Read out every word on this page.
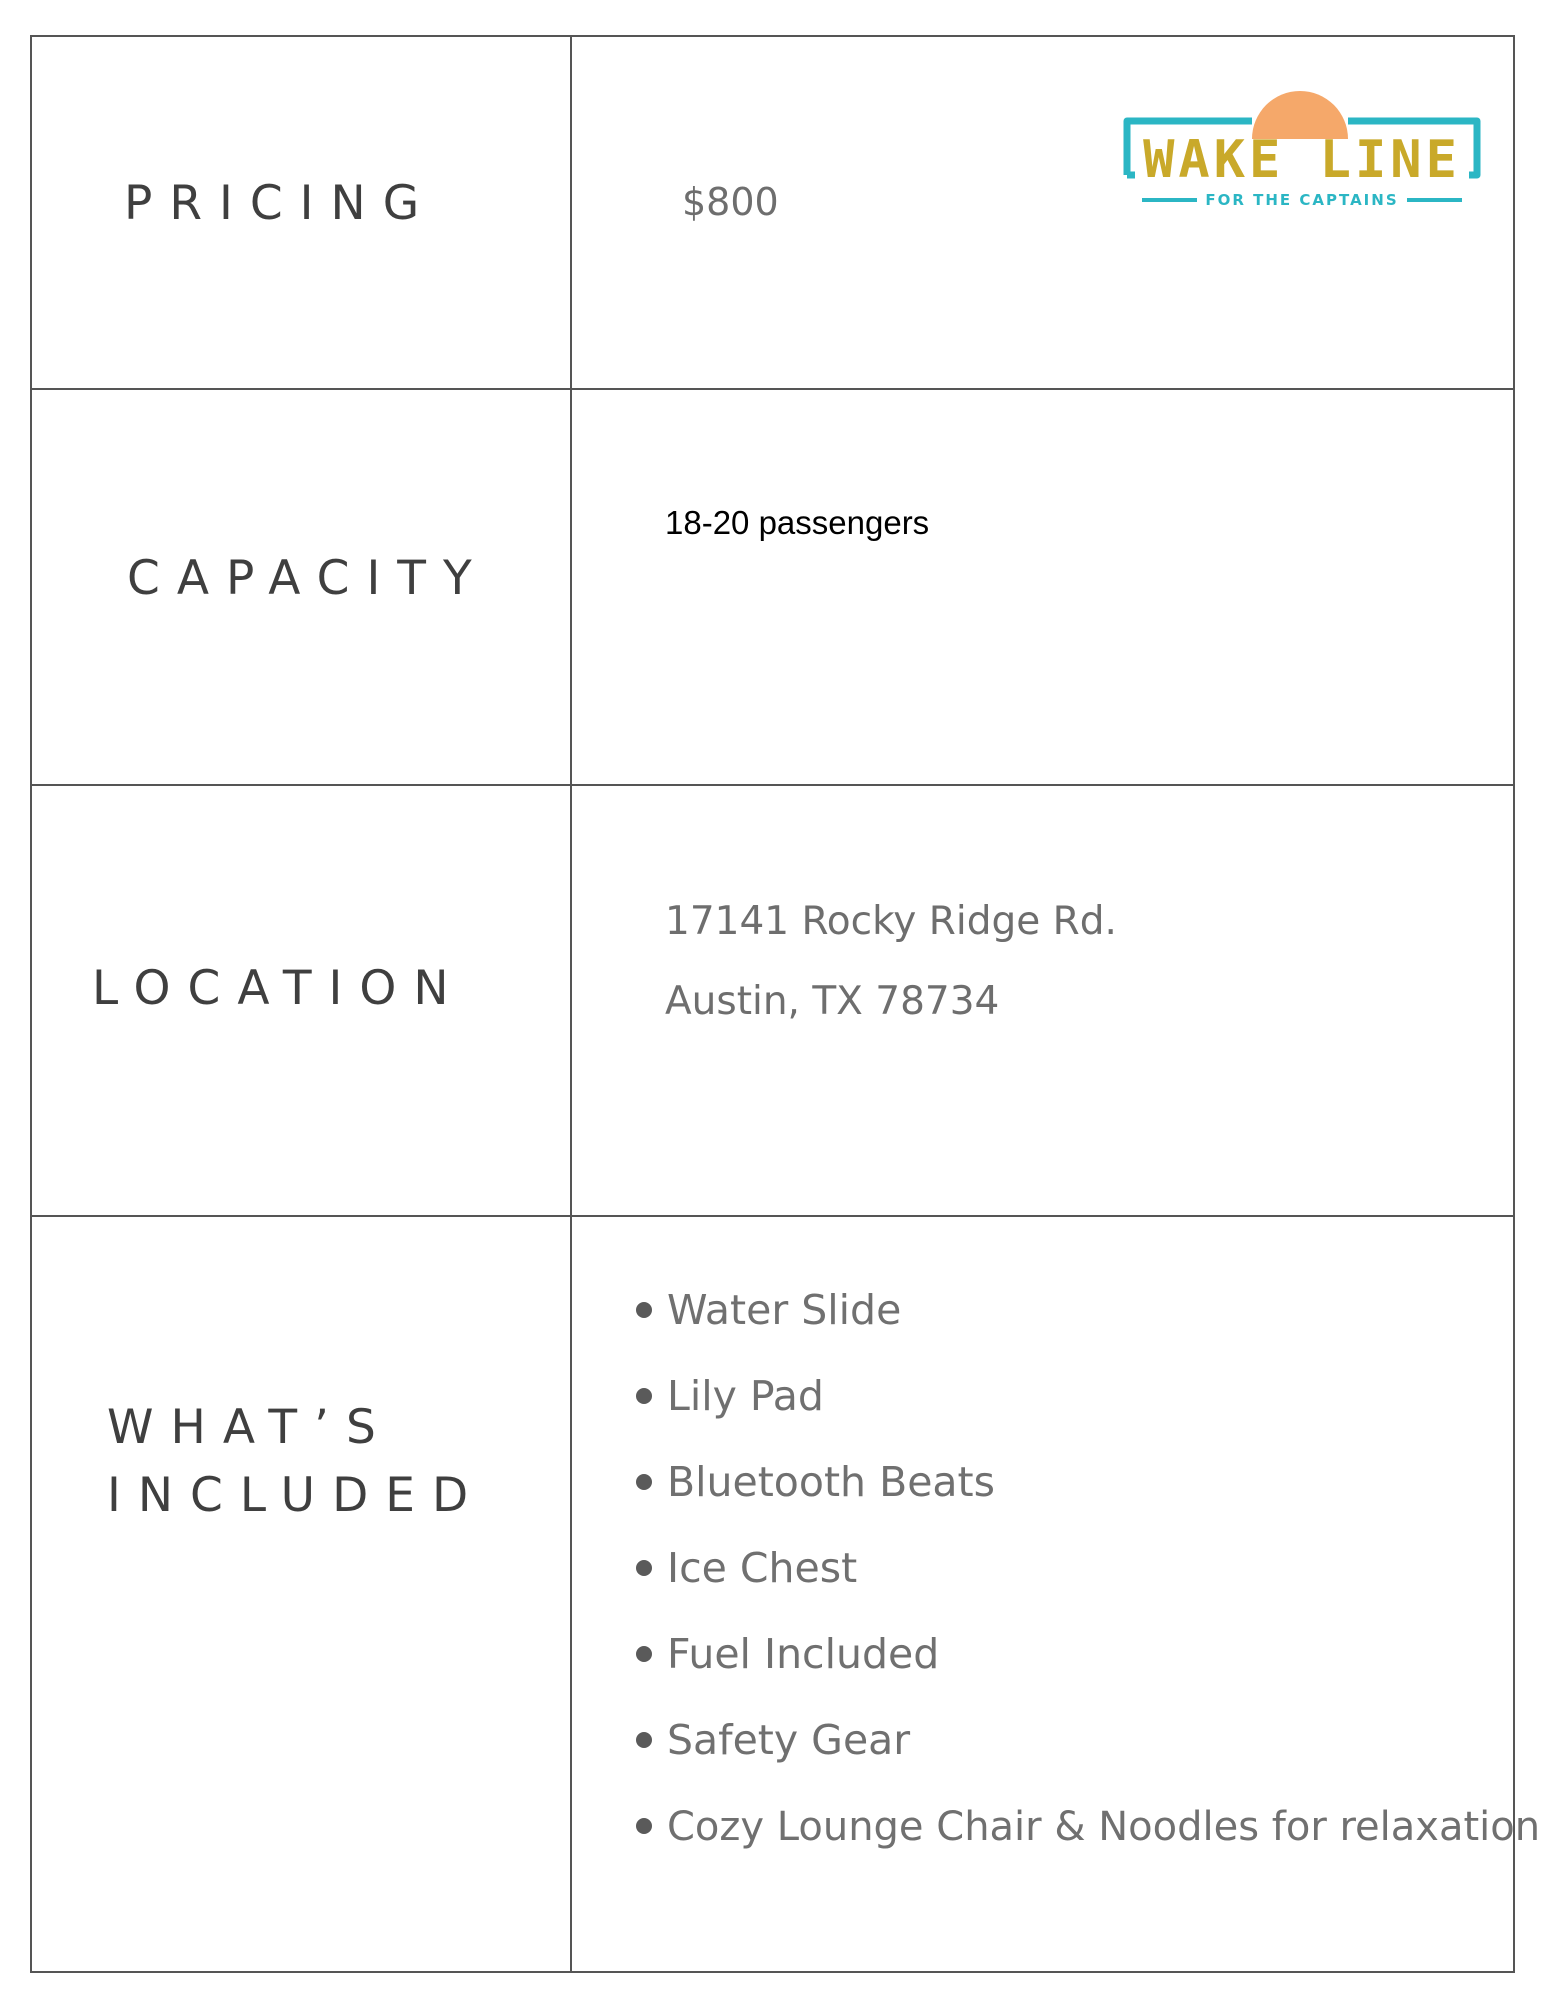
PRICING	$800
WAKE LINE
FOR THE CAPTAINS
CAPACITY
18-20 passengers
LOCATION
17141 Rocky Ridge Rd.
Austin, TX 78734
WHAT’S
INCLUDED
Water Slide
Lily Pad
Bluetooth Beats
Ice Chest
Fuel Included
Safety Gear
Cozy Lounge Chair & Noodles for relaxation
